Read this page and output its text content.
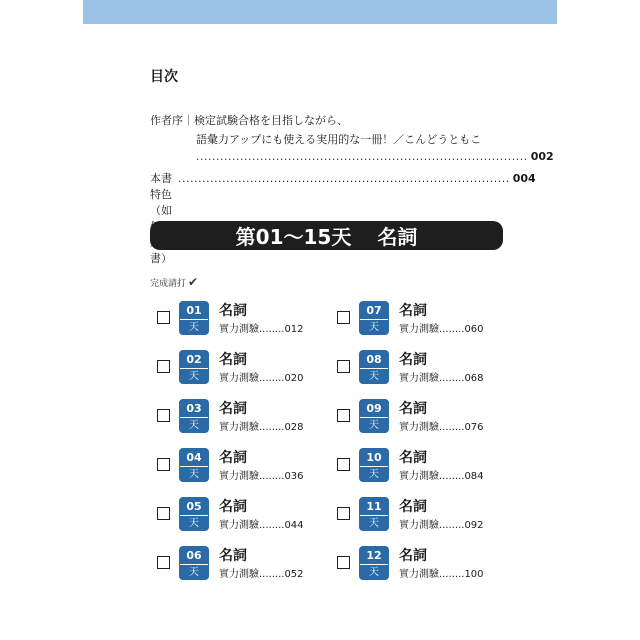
目次
作者序｜検定試験合格を目指しながら、
語彙力アップにも使える実用的な一冊！／こんどうともこ
................................................................................... 002
本書特色（如 書）
................................................................................... 004
第01～15天 名詞
完成請打 ✔
01
天
名詞
實力測驗........012
02
天
名詞
實力測驗........020
03
天
名詞
實力測驗........028
04
天
名詞
實力測驗........036
05
天
名詞
實力測驗........044
06
天
名詞
實力測驗........052
07
天
名詞
實力測驗........060
08
天
名詞
實力測驗........068
09
天
名詞
實力測驗........076
10
天
名詞
實力測驗........084
11
天
名詞
實力測驗........092
12
天
名詞
實力測驗........100
